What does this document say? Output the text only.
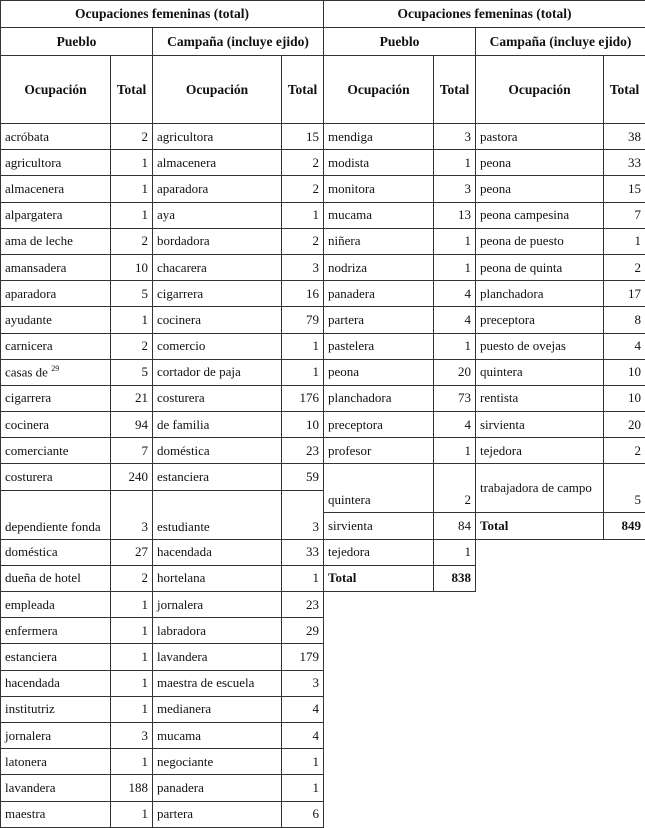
Ocupaciones femeninas (total)			
Pueblo		Campaña (incluye ejido)	
Ocupación	Total	Ocupación	Total
acróbata	2	agricultora	15
agricultora	1	almacenera	2
almacenera	1	aparadora	2
alpargatera	1	aya	1
ama de leche	2	bordadora	2
amansadera	10	chacarera	3
aparadora	5	cigarrera	16
ayudante	1	cocinera	79
carnicera	2	comercio	1
casas de $^{29}$	5	cortador de paja	1
cigarrera	21	costurera	176
cocinera	94	de familia	10
comerciante	7	doméstica	23
costurera	240	estanciera	59
dependiente fonda	3	estudiante	3
doméstica	27	hacendada	33
dueña de hotel	2	hortelana	1
empleada	1	jornalera	23
enfermera	1	labradora	29
estanciera	1	lavandera	179
hacendada	1	maestra de escuela	3
institutriz	1	medianera	4
jornalera	3	mucama	4
latonera	1	negociante	1
lavandera	188	panadera	1
maestra	1	partera	6
Ocupaciones femeninas (total)			
Pueblo		Campaña (incluye ejido)	
Ocupación	Total	Ocupación	Total
mendiga	3	pastora	38
modista	1	peona	33
monitora	3	peona	15
mucama	13	peona campesina	7
niñera	1	peona de puesto	1
nodriza	1	peona de quinta	2
panadera	4	planchadora	17
partera	4	preceptora	8
pastelera	1	puesto de ovejas	4
peona	20	quintera	10
planchadora	73	rentista	10
preceptora	4	sirvienta	20
profesor	1	tejedora	2
quintera	2	trabajadora de campo	5
sirvienta	84	Total	849
tejedora	1		
Total	838		
